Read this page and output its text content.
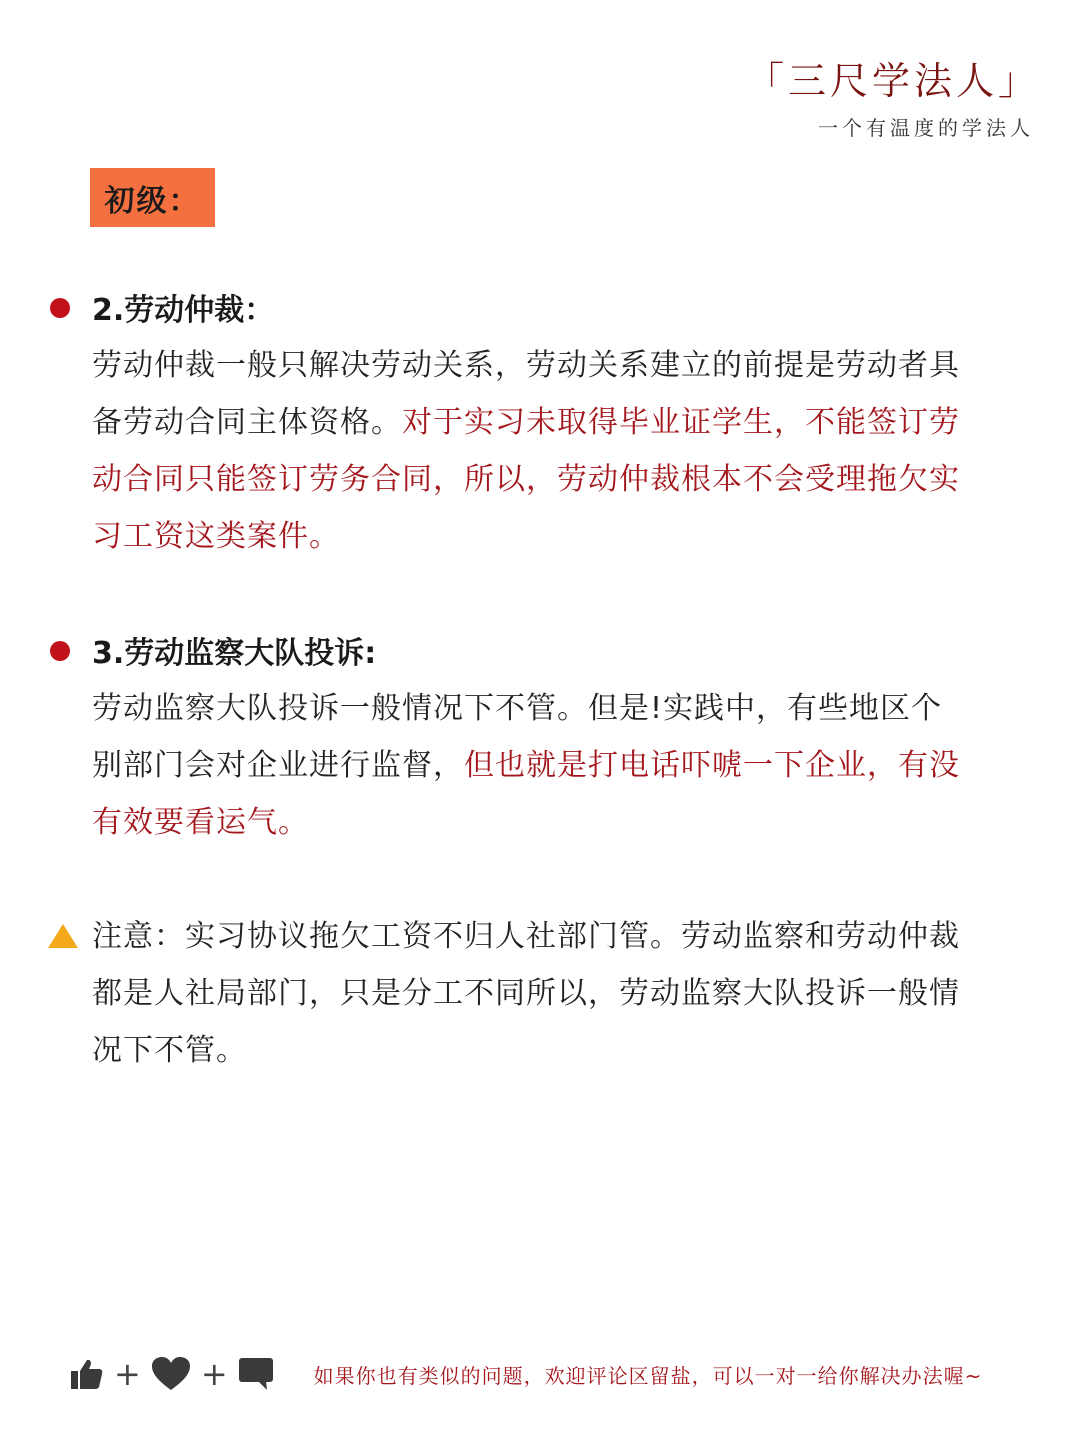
「三尺学法人」
一个有温度的学法人
初级：
2.劳动仲裁：
劳动仲裁一般只解决劳动关系，劳动关系建立的前提是劳动者具备劳动合同主体资格。对于实习未取得毕业证学生，不能签订劳动合同只能签订劳务合同，所以，劳动仲裁根本不会受理拖欠实习工资这类案件。
3.劳动监察大队投诉:
劳动监察大队投诉一般情况下不管。但是!实践中，有些地区个别部门会对企业进行监督，但也就是打电话吓唬一下企业，有没有效要看运气。
注意：实习协议拖欠工资不归人社部门管。劳动监察和劳动仲裁都是人社局部门，只是分工不同所以，劳动监察大队投诉一般情况下不管。
+ +	如果你也有类似的问题，欢迎评论区留盐，可以一对一给你解决办法喔~
